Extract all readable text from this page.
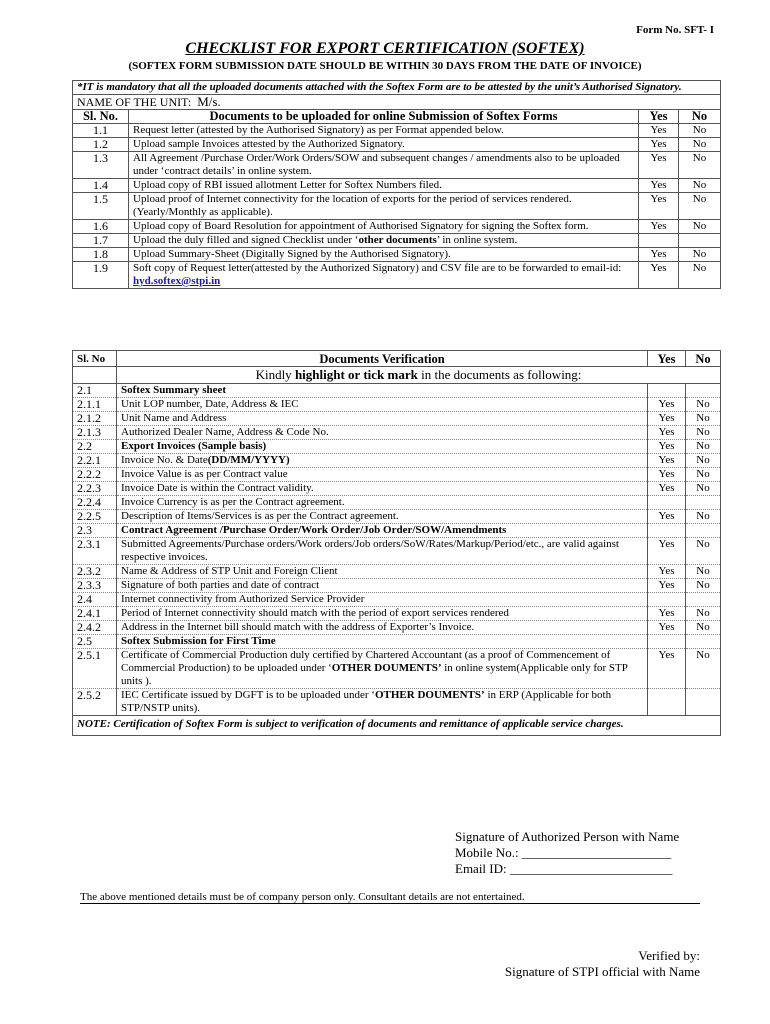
Form No. SFT- I
CHECKLIST FOR EXPORT CERTIFICATION (SOFTEX)
(SOFTEX FORM SUBMISSION DATE SHOULD BE WITHIN 30 DAYS FROM THE DATE OF INVOICE)
*IT is mandatory that all the uploaded documents attached with the Softex Form are to be attested by the unit’s Authorised Signatory.			
NAME OF THE UNIT: M/s.			
Sl. No.	Documents to be uploaded for online Submission of Softex Forms	Yes	No
1.1	Request letter (attested by the Authorised Signatory) as per Format appended below.	Yes	No
1.2	Upload sample Invoices attested by the Authorized Signatory.	Yes	No
1.3	All Agreement /Purchase Order/Work Orders/SOW and subsequent changes / amendments also to be uploaded under ‘contract details’ in online system.	Yes	No
1.4	Upload copy of RBI issued allotment Letter for Softex Numbers filed.	Yes	No
1.5	Upload proof of Internet connectivity for the location of exports for the period of services rendered. (Yearly/Monthly as applicable).	Yes	No
1.6	Upload copy of Board Resolution for appointment of Authorised Signatory for signing the Softex form.	Yes	No
1.7	Upload the duly filled and signed Checklist under ‘other documents’ in online system.		
1.8	Upload Summary-Sheet (Digitally Signed by the Authorised Signatory).	Yes	No
1.9	Soft copy of Request letter(attested by the Authorized Signatory) and CSV file are to be forwarded to email-id: hyd.softex@stpi.in	Yes	No
Sl. No	Documents Verification	Yes	No
	Kindly highlight or tick mark in the documents as following:		
2.1	Softex Summary sheet		
2.1.1	Unit LOP number, Date, Address & IEC	Yes	No
2.1.2	Unit Name and Address	Yes	No
2.1.3	Authorized Dealer Name, Address & Code No.	Yes	No
2.2	Export Invoices (Sample basis)	Yes	No
2.2.1	Invoice No. & Date(DD/MM/YYYY)	Yes	No
2.2.2	Invoice Value is as per Contract value	Yes	No
2.2.3	Invoice Date is within the Contract validity.	Yes	No
2.2.4	Invoice Currency is as per the Contract agreement.		
2.2.5	Description of Items/Services is as per the Contract agreement.	Yes	No
2.3	Contract Agreement /Purchase Order/Work Order/Job Order/SOW/Amendments		
2.3.1	Submitted Agreements/Purchase orders/Work orders/Job orders/SoW/Rates/Markup/Period/etc., are valid against respective invoices.	Yes	No
2.3.2	Name & Address of STP Unit and Foreign Client	Yes	No
2.3.3	Signature of both parties and date of contract	Yes	No
2.4	Internet connectivity from Authorized Service Provider		
2.4.1	Period of Internet connectivity should match with the period of export services rendered	Yes	No
2.4.2	Address in the Internet bill should match with the address of Exporter’s Invoice.	Yes	No
2.5	Softex Submission for First Time		
2.5.1	Certificate of Commercial Production duly certified by Chartered Accountant (as a proof of Commencement of Commercial Production) to be uploaded under ‘OTHER DOUMENTS’ in online system(Applicable only for STP units ).	Yes	No
2.5.2	IEC Certificate issued by DGFT is to be uploaded under ‘OTHER DOUMENTS’ in ERP (Applicable for both STP/NSTP units).		
NOTE: Certification of Softex Form is subject to verification of documents and remittance of applicable service charges.			
Signature of Authorized Person with Name
Mobile No.: _______________________
Email ID: _________________________
The above mentioned details must be of company person only. Consultant details are not entertained.
Verified by:
Signature of STPI official with Name
